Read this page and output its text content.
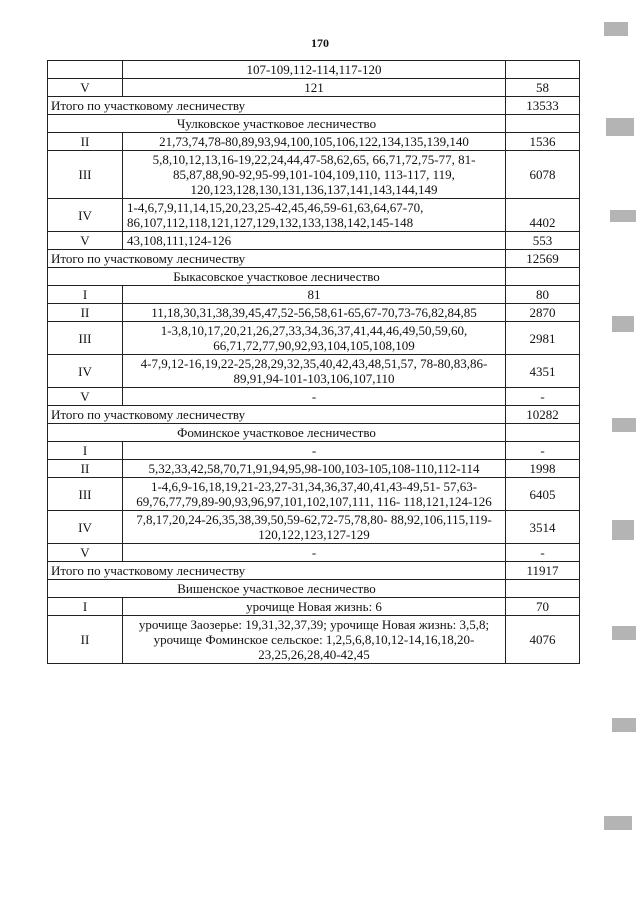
170
	107-109,112-114,117-120	
V	121	58
Итого по участковому лесничеству		13533
Чулковское участковое лесничество		
II	21,73,74,78-80,89,93,94,100,105,106,122,134,135,139,140	1536
III	5,8,10,12,13,16-19,22,24,44,47-58,62,65, 66,71,72,75-77, 81-85,87,88,90-92,95-99,101-104,109,110, 113-117, 119, 120,123,128,130,131,136,137,141,143,144,149	6078
IV	1-4,6,7,9,11,14,15,20,23,25-42,45,46,59-61,63,64,67-70, 86,107,112,118,121,127,129,132,133,138,142,145-148	4402
V	43,108,111,124-126	553
Итого по участковому лесничеству		12569
Быкасовское участковое лесничество		
I	81	80
II	11,18,30,31,38,39,45,47,52-56,58,61-65,67-70,73-76,82,84,85	2870
III	1-3,8,10,17,20,21,26,27,33,34,36,37,41,44,46,49,50,59,60, 66,71,72,77,90,92,93,104,105,108,109	2981
IV	4-7,9,12-16,19,22-25,28,29,32,35,40,42,43,48,51,57, 78-80,83,86-89,91,94-101-103,106,107,110	4351
V	-	-
Итого по участковому лесничеству		10282
Фоминское участковое лесничество		
I	-	-
II	5,32,33,42,58,70,71,91,94,95,98-100,103-105,108-110,112-114	1998
III	1-4,6,9-16,18,19,21-23,27-31,34,36,37,40,41,43-49,51- 57,63-69,76,77,79,89-90,93,96,97,101,102,107,111, 116- 118,121,124-126	6405
IV	7,8,17,20,24-26,35,38,39,50,59-62,72-75,78,80- 88,92,106,115,119-120,122,123,127-129	3514
V	-	-
Итого по участковому лесничеству		11917
Вишенское участковое лесничество		
I	урочище Новая жизнь: 6	70
II	урочище Заозерье: 19,31,32,37,39; урочище Новая жизнь: 3,5,8; урочище Фоминское сельское: 1,2,5,6,8,10,12-14,16,18,20-23,25,26,28,40-42,45	4076
